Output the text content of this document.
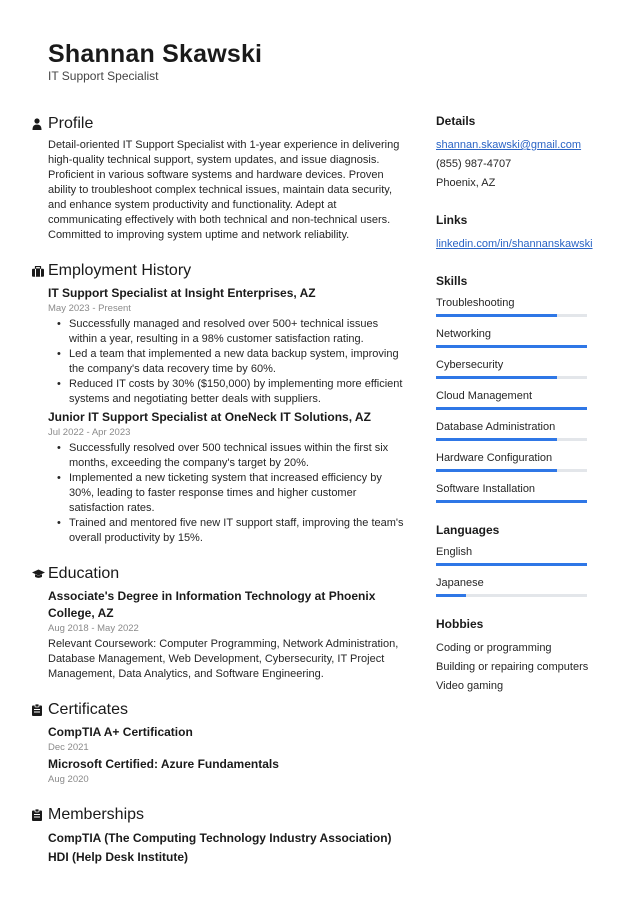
Shannan Skawski
IT Support Specialist
Profile
Detail-oriented IT Support Specialist with 1-year experience in delivering high-quality technical support, system updates, and issue diagnosis. Proficient in various software systems and hardware devices. Proven ability to troubleshoot complex technical issues, maintain data security, and enhance system productivity and functionality. Adept at communicating effectively with both technical and non-technical users. Committed to improving system uptime and network reliability.
Employment History
IT Support Specialist at Insight Enterprises, AZ
May 2023 - Present
• Successfully managed and resolved over 500+ technical issues within a year, resulting in a 98% customer satisfaction rating.
• Led a team that implemented a new data backup system, improving the company's data recovery time by 60%.
• Reduced IT costs by 30% ($150,000) by implementing more efficient systems and negotiating better deals with suppliers.
Junior IT Support Specialist at OneNeck IT Solutions, AZ
Jul 2022 - Apr 2023
• Successfully resolved over 500 technical issues within the first six months, exceeding the company's target by 20%.
• Implemented a new ticketing system that increased efficiency by 30%, leading to faster response times and higher customer satisfaction rates.
• Trained and mentored five new IT support staff, improving the team's overall productivity by 15%.
Education
Associate's Degree in Information Technology at Phoenix College, AZ
Aug 2018 - May 2022
Relevant Coursework: Computer Programming, Network Administration, Database Management, Web Development, Cybersecurity, IT Project Management, Data Analytics, and Software Engineering.
Certificates
CompTIA A+ Certification
Dec 2021
Microsoft Certified: Azure Fundamentals
Aug 2020
Memberships
CompTIA (The Computing Technology Industry Association)
HDI (Help Desk Institute)
Details
shannan.skawski@gmail.com
(855) 987-4707
Phoenix, AZ
Links
linkedin.com/in/shannanskawski
Skills
Troubleshooting
Networking
Cybersecurity
Cloud Management
Database Administration
Hardware Configuration
Software Installation
Languages
English
Japanese
Hobbies
Coding or programming
Building or repairing computers
Video gaming
